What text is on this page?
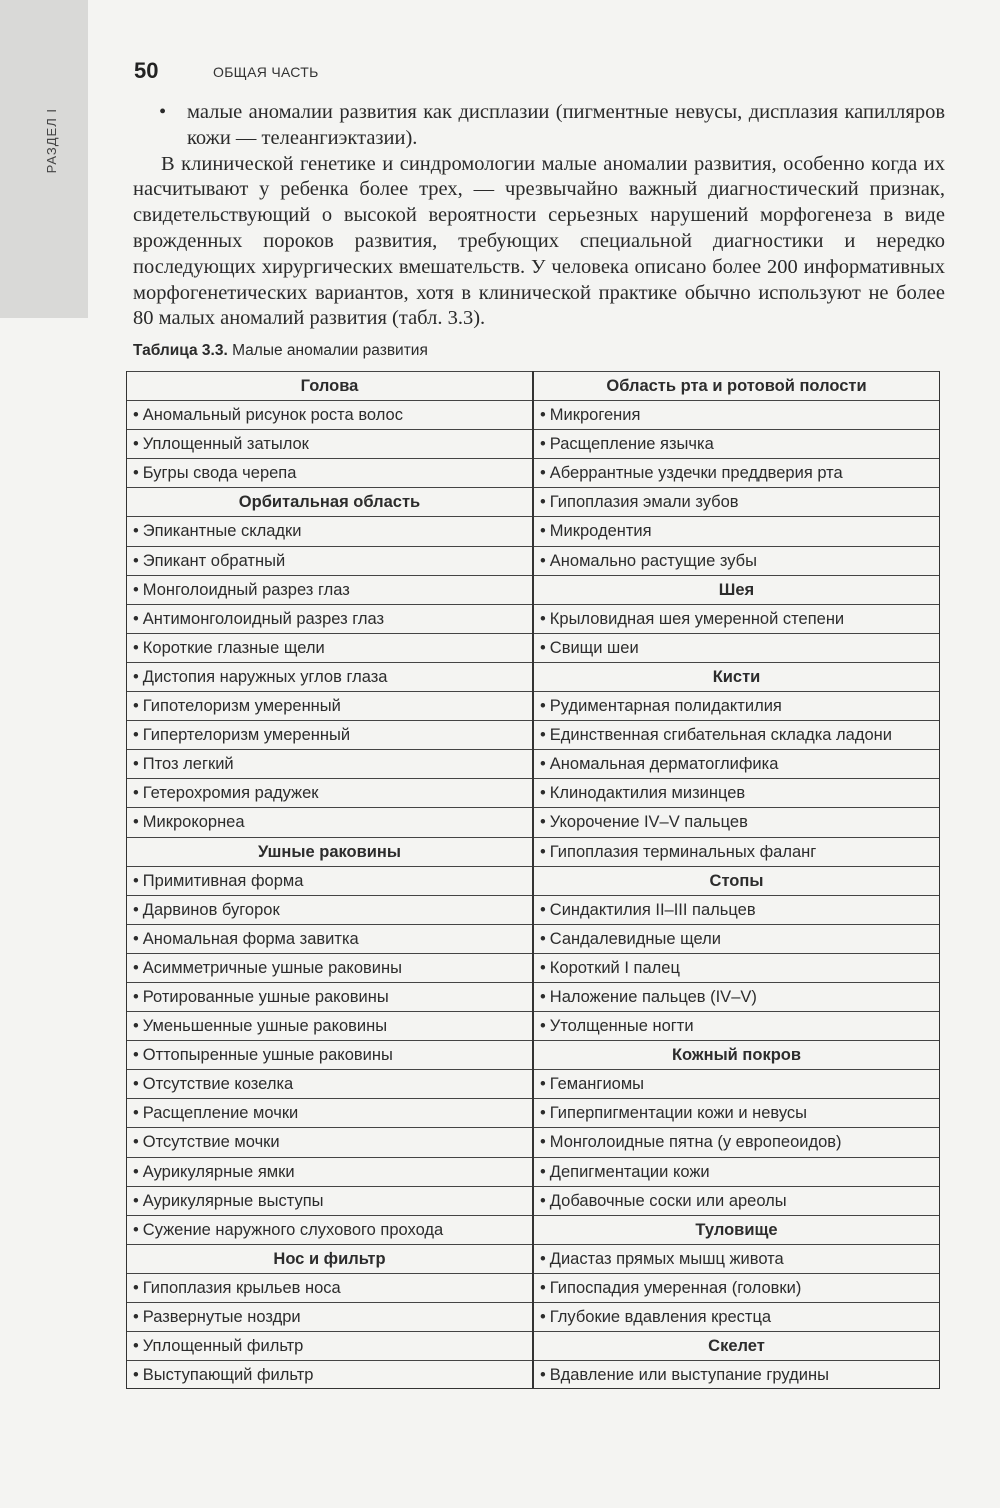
РАЗДЕЛ I
50	ОБЩАЯ ЧАСТЬ

• малые аномалии развития как дисплазии (пигментные невусы, дисплазия капилляров кожи — телеангиэктазии).

В клинической генетике и синдромологии малые аномалии развития, особенно когда их насчитывают у ребенка более трех, — чрезвычайно важный диагностический признак, свидетельствующий о высокой вероятности серьезных нарушений морфогенеза в виде врожденных пороков развития, требующих специальной диагностики и нередко последующих хирургических вмешательств. У человека описано более 200 информативных морфогенетических вариантов, хотя в клинической практике обычно используют не более 80 малых аномалий развития (табл. 3.3).

Таблица 3.3. Малые аномалии развития
Голова
• Аномальный рисунок роста волос
• Уплощенный затылок
• Бугры свода черепа
Орбитальная область
• Эпикантные складки
• Эпикант обратный
• Монголоидный разрез глаз
• Антимонголоидный разрез глаз
• Короткие глазные щели
• Дистопия наружных углов глаза
• Гипотелоризм умеренный
• Гипертелоризм умеренный
• Птоз легкий
• Гетерохромия радужек
• Микрокорнеа
Ушные раковины
• Примитивная форма
• Дарвинов бугорок
• Аномальная форма завитка
• Асимметричные ушные раковины
• Ротированные ушные раковины
• Уменьшенные ушные раковины
• Оттопыренные ушные раковины
• Отсутствие козелка
• Расщепление мочки
• Отсутствие мочки
• Аурикулярные ямки
• Аурикулярные выступы
• Сужение наружного слухового прохода
Нос и фильтр
• Гипоплазия крыльев носа
• Развернутые ноздри
• Уплощенный фильтр
• Выступающий фильтр
Область рта и ротовой полости
• Микрогения
• Расщепление язычка
• Аберрантные уздечки преддверия рта
• Гипоплазия эмали зубов
• Микродентия
• Аномально растущие зубы
Шея
• Крыловидная шея умеренной степени
• Свищи шеи
Кисти
• Рудиментарная полидактилия
• Единственная сгибательная складка ладони
• Аномальная дерматоглифика
• Клинодактилия мизинцев
• Укорочение IV–V пальцев
• Гипоплазия терминальных фаланг
Стопы
• Синдактилия II–III пальцев
• Сандалевидные щели
• Короткий I палец
• Наложение пальцев (IV–V)
• Утолщенные ногти
Кожный покров
• Гемангиомы
• Гиперпигментации кожи и невусы
• Монголоидные пятна (у европеоидов)
• Депигментации кожи
• Добавочные соски или ареолы
Туловище
• Диастаз прямых мышц живота
• Гипоспадия умеренная (головки)
• Глубокие вдавления крестца
Скелет
• Вдавление или выступание грудины
